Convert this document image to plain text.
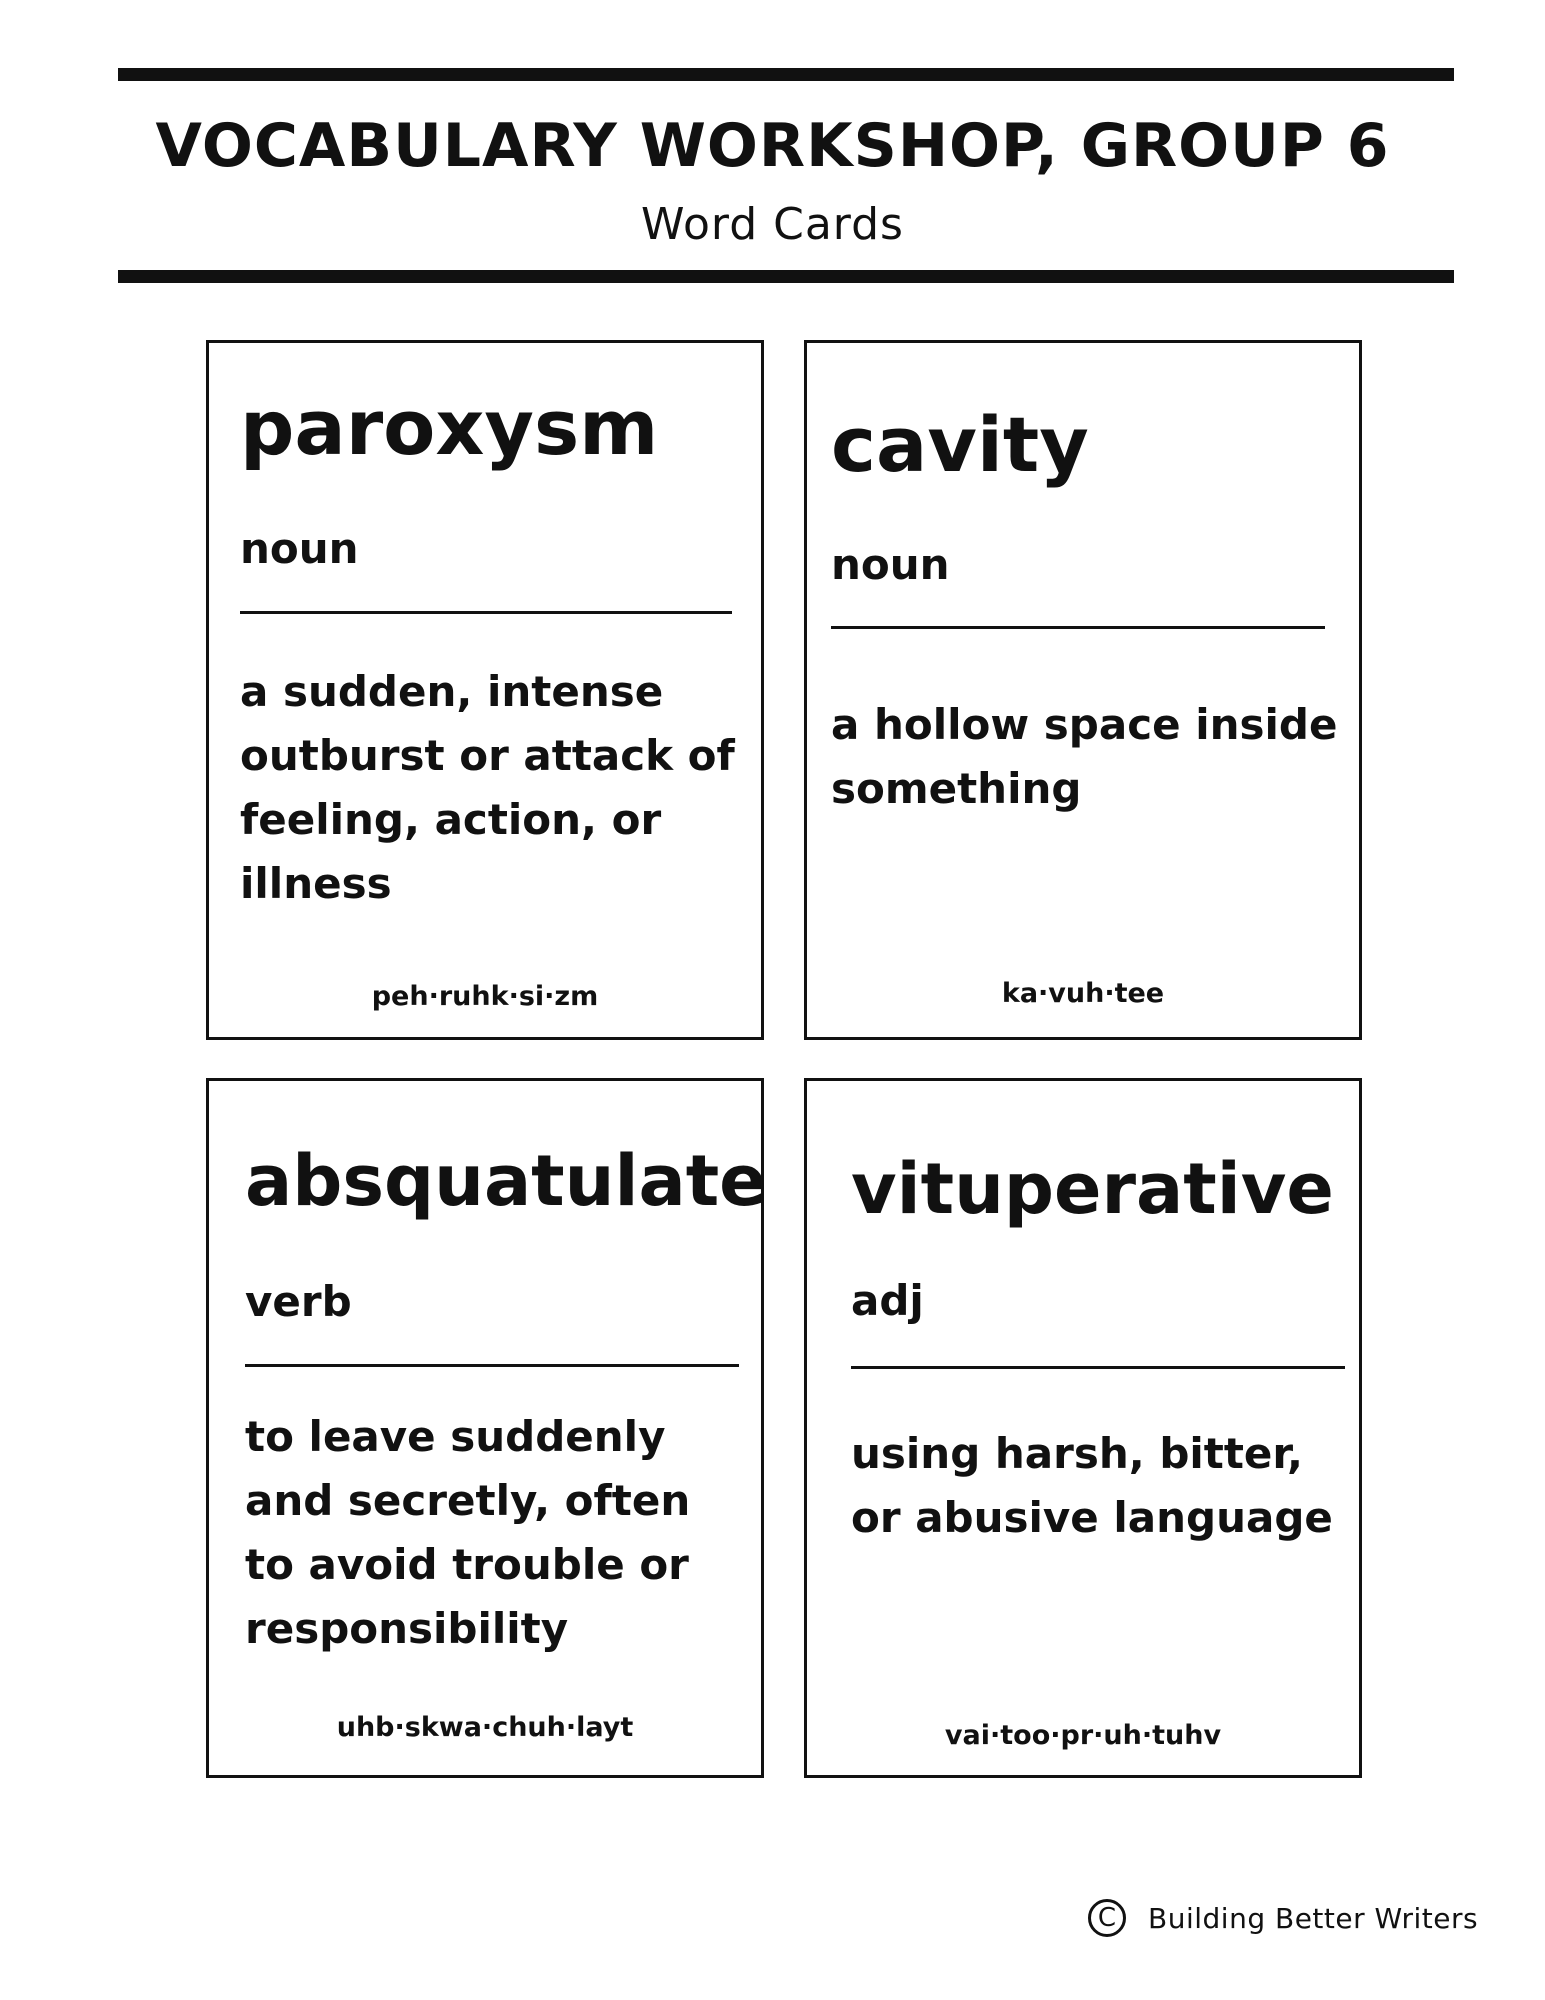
VOCABULARY WORKSHOP, GROUP 6
Word Cards
paroxysm
noun
a sudden, intense outburst or attack of feeling, action, or illness
peh·ruhk·si·zm
cavity
noun
a hollow space inside something
ka·vuh·tee
absquatulate
verb
to leave suddenly and secretly, often to avoid trouble or responsibility
uhb·skwa·chuh·layt
vituperative
adj
using harsh, bitter, or abusive language
vai·too·pr·uh·tuhv
C	Building Better Writers
